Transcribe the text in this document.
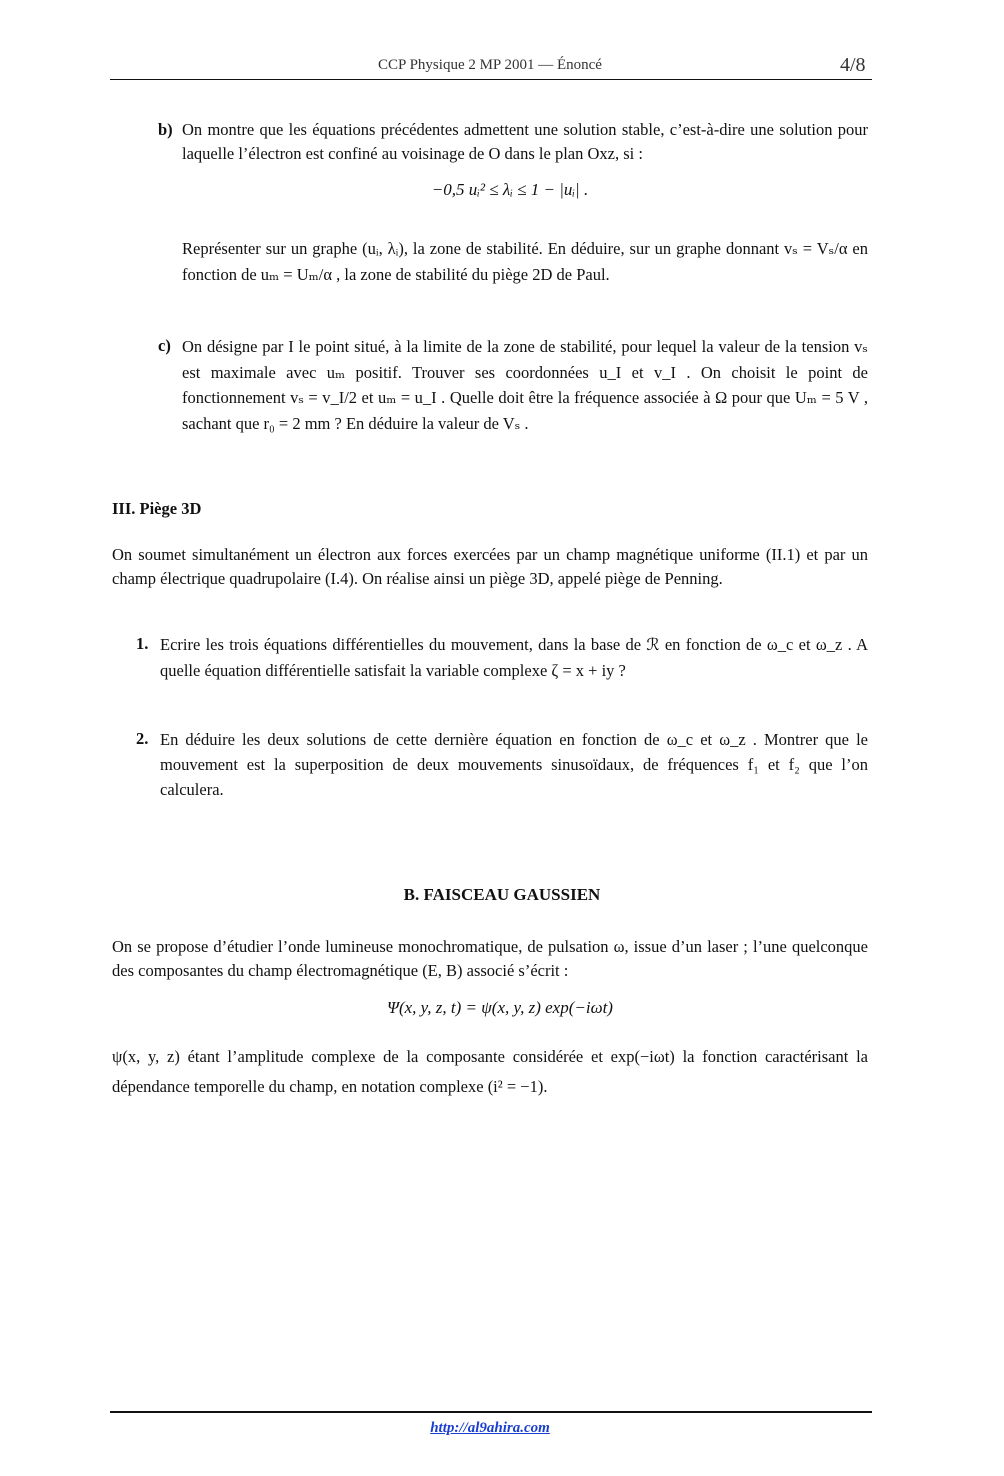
CCP Physique 2 MP 2001 — Énoncé	4/8
b) On montre que les équations précédentes admettent une solution stable, c’est-à-dire une solution pour laquelle l’électron est confiné au voisinage de O dans le plan Oxz, si :

−0,5 uᵢ² ≤ λᵢ ≤ 1 − |uᵢ| .

Représenter sur un graphe (uᵢ, λᵢ), la zone de stabilité. En déduire, sur un graphe donnant vₛ = Vₛ/α en fonction de uₘ = Uₘ/α , la zone de stabilité du piège 2D de Paul.

c) On désigne par I le point situé, à la limite de la zone de stabilité, pour lequel la valeur de la tension vₛ est maximale avec uₘ positif. Trouver ses coordonnées u_I et v_I . On choisit le point de fonctionnement vₛ = v_I/2 et uₘ = u_I . Quelle doit être la fréquence associée à Ω pour que Uₘ = 5 V , sachant que r₀ = 2 mm ? En déduire la valeur de Vₛ .

III. Piège 3D

On soumet simultanément un électron aux forces exercées par un champ magnétique uniforme (II.1) et par un champ électrique quadrupolaire (I.4). On réalise ainsi un piège 3D, appelé piège de Penning.

1. Ecrire les trois équations différentielles du mouvement, dans la base de ℛ en fonction de ω_c et ω_z . A quelle équation différentielle satisfait la variable complexe ζ = x + iy ?

2. En déduire les deux solutions de cette dernière équation en fonction de ω_c et ω_z . Montrer que le mouvement est la superposition de deux mouvements sinusoïdaux, de fréquences f₁ et f₂ que l’on calculera.

B. FAISCEAU GAUSSIEN

On se propose d’étudier l’onde lumineuse monochromatique, de pulsation ω, issue d’un laser ; l’une quelconque des composantes du champ électromagnétique (E, B) associé s’écrit :

Ψ(x, y, z, t) = ψ(x, y, z) exp(−iωt)

ψ(x, y, z) étant l’amplitude complexe de la composante considérée et exp(−iωt) la fonction caractérisant la dépendance temporelle du champ, en notation complexe (i² = −1).

http://al9ahira.com
